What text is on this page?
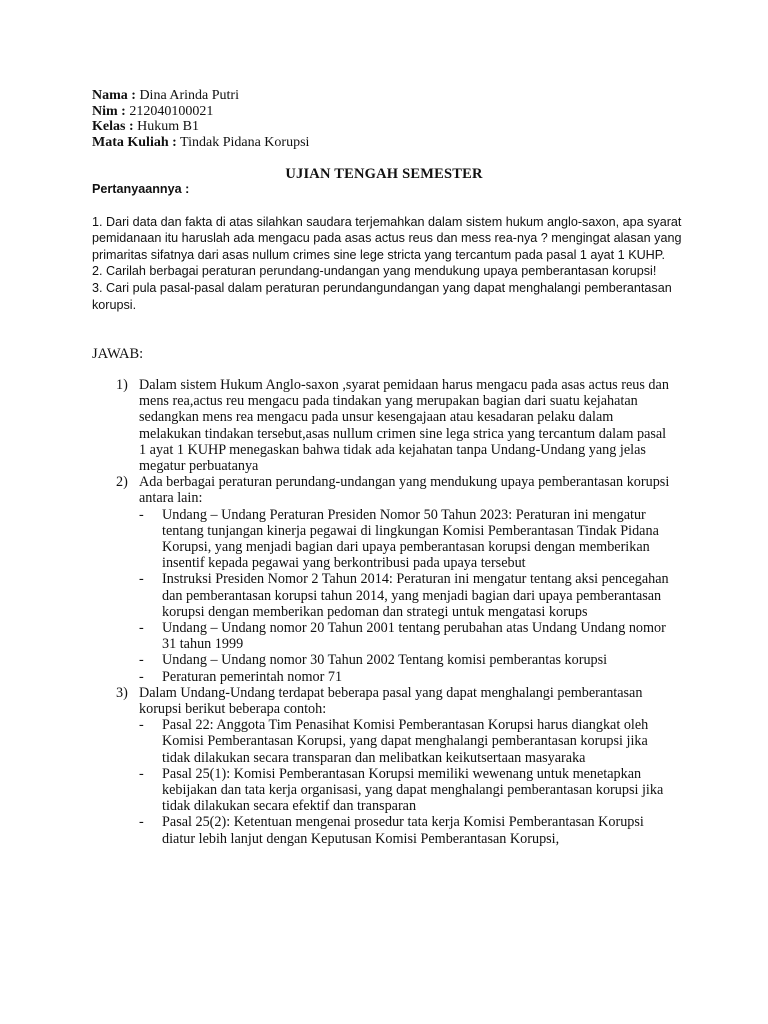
Nama : Dina Arinda Putri
Nim : 212040100021
Kelas : Hukum B1
Mata Kuliah : Tindak Pidana Korupsi
UJIAN TENGAH SEMESTER
Pertanyaannya :

1. Dari data dan fakta di atas silahkan saudara terjemahkan dalam sistem hukum anglo-saxon, apa syarat pemidanaan itu haruslah ada mengacu pada asas actus reus dan mess rea-nya ? mengingat alasan yang primaritas sifatnya dari asas nullum crimes sine lege stricta yang tercantum pada pasal 1 ayat 1 KUHP.

2. Carilah berbagai peraturan perundang-undangan yang mendukung upaya pemberantasan korupsi!

3. Cari pula pasal-pasal dalam peraturan perundangundangan yang dapat menghalangi pemberantasan korupsi.

JAWAB:
1) Dalam sistem Hukum Anglo-saxon ,syarat pemidaan harus mengacu pada asas actus reus dan mens rea,actus reu mengacu pada tindakan yang merupakan bagian dari suatu kejahatan sedangkan mens rea mengacu pada unsur kesengajaan atau kesadaran pelaku dalam melakukan tindakan tersebut,asas nullum crimen sine lega strica yang tercantum dalam pasal 1 ayat 1 KUHP menegaskan bahwa tidak ada kejahatan tanpa Undang-Undang yang jelas megatur perbuatanya
2) Ada berbagai peraturan perundang-undangan yang mendukung upaya pemberantasan korupsi antara lain:
- Undang – Undang Peraturan Presiden Nomor 50 Tahun 2023: Peraturan ini mengatur tentang tunjangan kinerja pegawai di lingkungan Komisi Pemberantasan Tindak Pidana Korupsi, yang menjadi bagian dari upaya pemberantasan korupsi dengan memberikan insentif kepada pegawai yang berkontribusi pada upaya tersebut
- Instruksi Presiden Nomor 2 Tahun 2014: Peraturan ini mengatur tentang aksi pencegahan dan pemberantasan korupsi tahun 2014, yang menjadi bagian dari upaya pemberantasan korupsi dengan memberikan pedoman dan strategi untuk mengatasi korups
- Undang – Undang nomor 20 Tahun 2001 tentang perubahan atas Undang Undang nomor 31 tahun 1999
- Undang – Undang nomor 30 Tahun 2002 Tentang komisi pemberantas korupsi
- Peraturan pemerintah nomor 71
3) Dalam Undang-Undang terdapat beberapa pasal yang dapat menghalangi pemberantasan korupsi berikut beberapa contoh:
- Pasal 22: Anggota Tim Penasihat Komisi Pemberantasan Korupsi harus diangkat oleh Komisi Pemberantasan Korupsi, yang dapat menghalangi pemberantasan korupsi jika tidak dilakukan secara transparan dan melibatkan keikutsertaan masyaraka
- Pasal 25(1): Komisi Pemberantasan Korupsi memiliki wewenang untuk menetapkan kebijakan dan tata kerja organisasi, yang dapat menghalangi pemberantasan korupsi jika tidak dilakukan secara efektif dan transparan
- Pasal 25(2): Ketentuan mengenai prosedur tata kerja Komisi Pemberantasan Korupsi diatur lebih lanjut dengan Keputusan Komisi Pemberantasan Korupsi,
